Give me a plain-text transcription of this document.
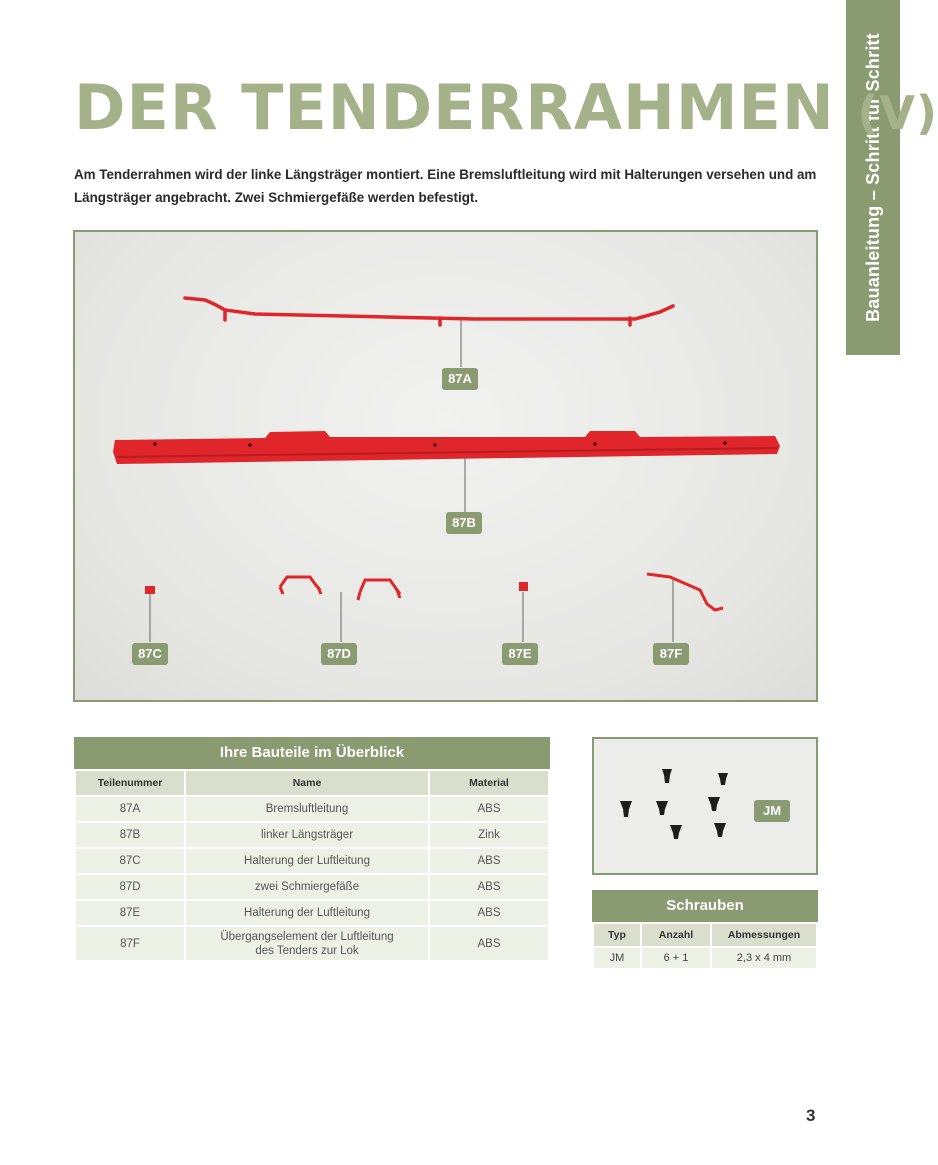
Bauanleitung – Schritt für Schritt
DER TENDERRAHMEN (V)

Am Tenderrahmen wird der linke Längsträger montiert. Eine Bremsluftleitung wird mit Halterungen versehen und am Längsträger angebracht. Zwei Schmiergefäße werden befestigt.

87A
87B
87C	87D	87E	87F
Ihre Bauteile im Überblick
Teilenummer	Name	Material
87A	Bremsluftleitung	ABS
87B	linker Längsträger	Zink
87C	Halterung der Luftleitung	ABS
87D	zwei Schmiergefäße	ABS
87E	Halterung der Luftleitung	ABS
87F	Übergangselement der Luftleitung
des Tenders zur Lok	ABS
JM
Schrauben
Typ	Anzahl	Abmessungen
JM	6 + 1	2,3 x 4 mm
3
